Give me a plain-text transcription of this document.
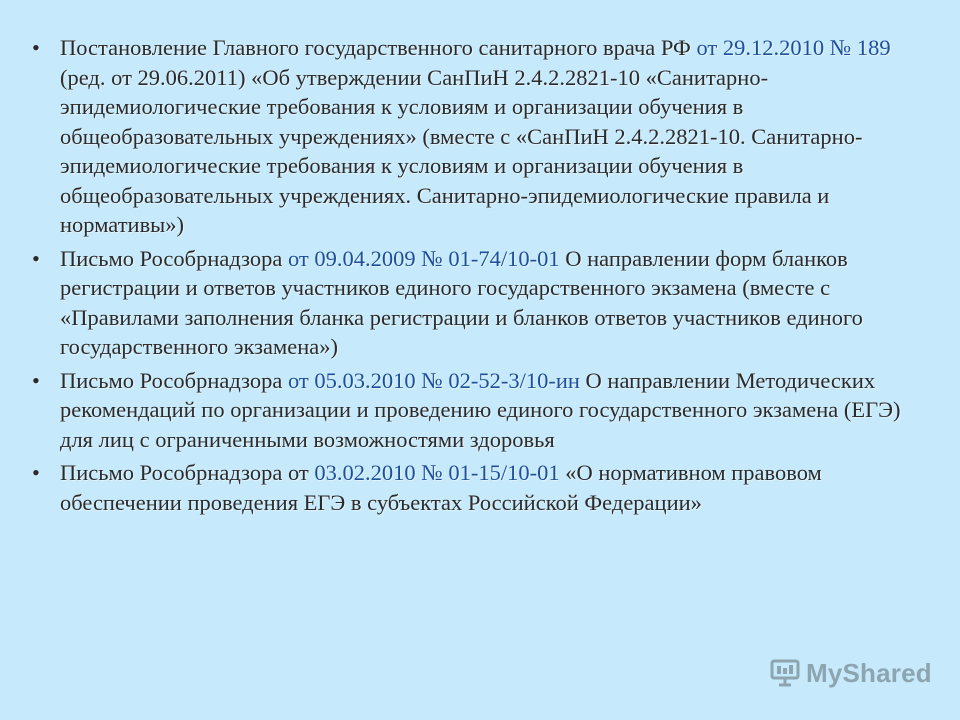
• Постановление Главного государственного санитарного врача РФ от 29.12.2010 № 189 (ред. от 29.06.2011) «Об утверждении СанПиН 2.4.2.2821-10 «Санитарно-эпидемиологические требования к условиям и организации обучения в общеобразовательных учреждениях» (вместе с «СанПиН 2.4.2.2821-10. Санитарно-эпидемиологические требования к условиям и организации обучения в общеобразовательных учреждениях. Санитарно-эпидемиологические правила и нормативы»)
• Письмо Рособрнадзора от 09.04.2009 № 01-74/10-01 О направлении форм бланков регистрации и ответов участников единого государственного экзамена (вместе с «Правилами заполнения бланка регистрации и бланков ответов участников единого государственного экзамена»)
• Письмо Рособрнадзора от 05.03.2010 № 02-52-3/10-ин О направлении Методических рекомендаций по организации и проведению единого государственного экзамена (ЕГЭ) для лиц с ограниченными возможностями здоровья
• Письмо Рособрнадзора от 03.02.2010 № 01-15/10-01 «О нормативном правовом обеспечении проведения ЕГЭ в субъектах Российской Федерации»
MyShared
